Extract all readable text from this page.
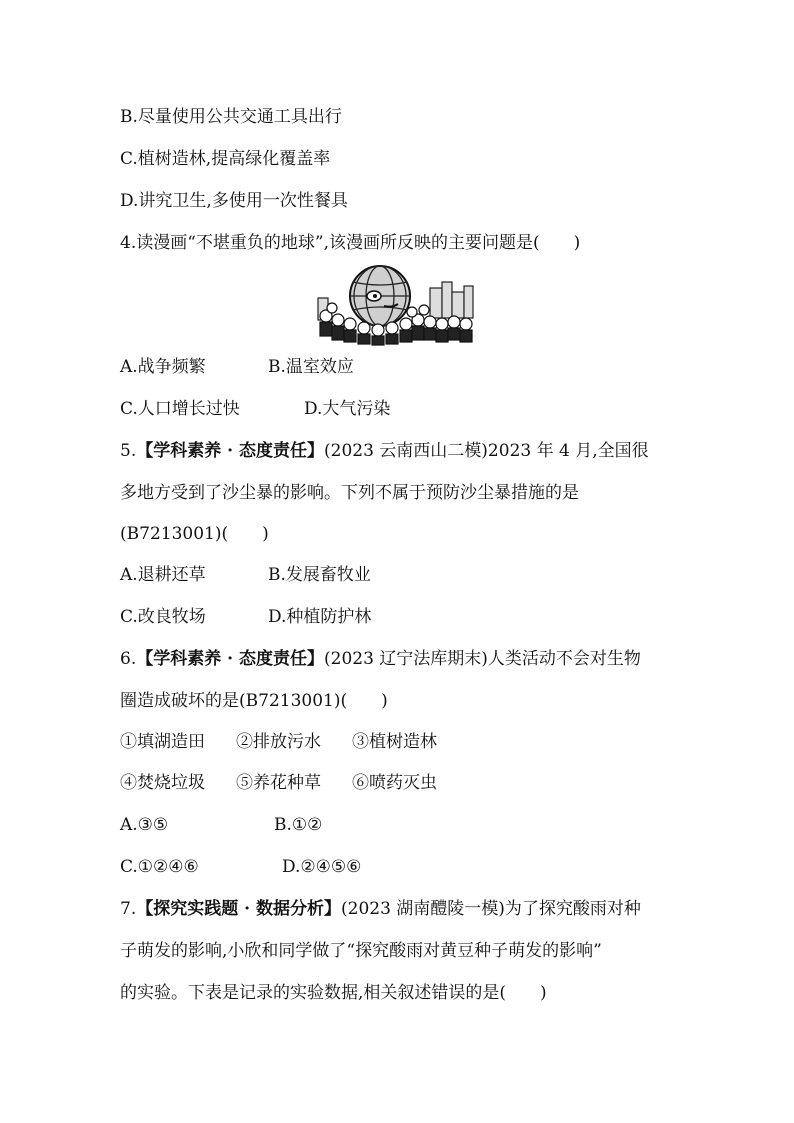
B.尽量使用公共交通工具出行
C.植树造林,提高绿化覆盖率
D.讲究卫生,多使用一次性餐具
4.读漫画“不堪重负的地球”,该漫画所反映的主要问题是(　　)
A.战争频繁	B.温室效应
C.人口增长过快	D.大气污染
5.【学科素养 · 态度责任】(2023 云南西山二模)2023 年 4 月,全国很
多地方受到了沙尘暴的影响。下列不属于预防沙尘暴措施的是
(B7213001)(　　)
A.退耕还草	B.发展畜牧业
C.改良牧场	D.种植防护林
6.【学科素养 · 态度责任】(2023 辽宁法库期末)人类活动不会对生物
圈造成破坏的是(B7213001)(　　)
①填湖造田 ②排放污水 ③植树造林
④焚烧垃圾 ⑤养花种草 ⑥喷药灭虫
A.③⑤	B.①②
C.①②④⑥	D.②④⑤⑥
7.【探究实践题 · 数据分析】(2023 湖南醴陵一模)为了探究酸雨对种
子萌发的影响,小欣和同学做了“探究酸雨对黄豆种子萌发的影响”
的实验。下表是记录的实验数据,相关叙述错误的是(　　)
